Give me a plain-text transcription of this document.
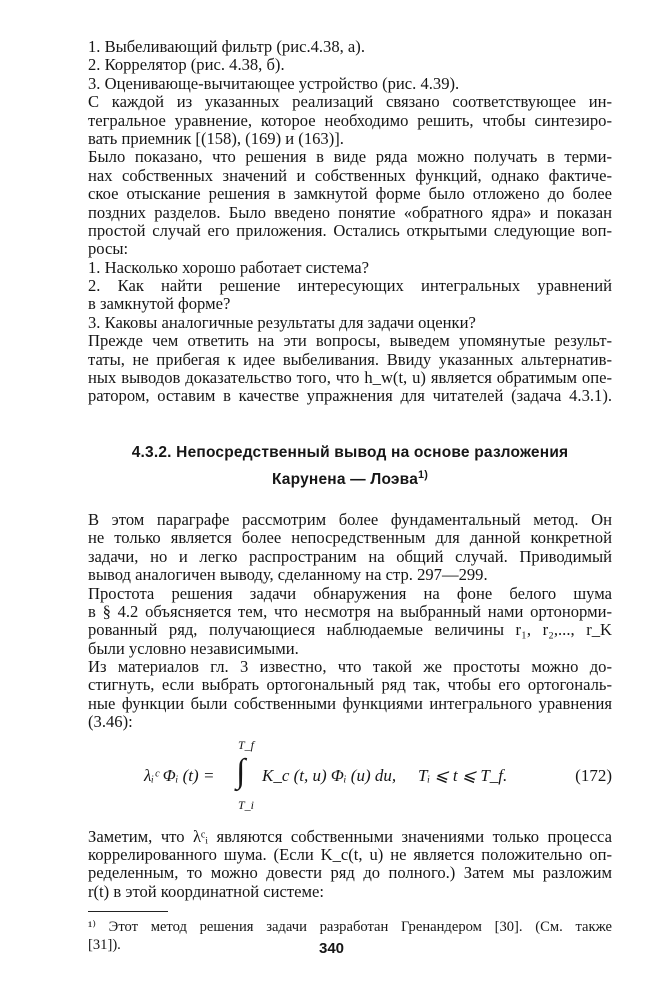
1. Выбеливающий фильтр (рис.4.38, а).
2. Коррелятор (рис. 4.38, б).
3. Оценивающе-вычитающее устройство (рис. 4.39).
С каждой из указанных реализаций связано соответствующее ин-
тегральное уравнение, которое необходимо решить, чтобы синтезиро-
вать приемник [(158), (169) и (163)].
Было показано, что решения в виде ряда можно получать в терми-
нах собственных значений и собственных функций, однако фактиче-
ское отыскание решения в замкнутой форме было отложено до более
поздних разделов. Было введено понятие «обратного ядра» и показан
простой случай его приложения. Остались открытыми следующие воп-
росы:
1. Насколько хорошо работает система?
2. Как найти решение интересующих интегральных уравнений
в замкнутой форме?
3. Каковы аналогичные результаты для задачи оценки?
Прежде чем ответить на эти вопросы, выведем упомянутые результ-
таты, не прибегая к идее выбеливания. Ввиду указанных альтернатив-
ных выводов доказательство того, что h_w(t, u) является обратимым опе-
ратором, оставим в качестве упражнения для читателей (задача 4.3.1).
4.3.2. Непосредственный вывод на основе разложения
Карунена — Лоэва$^{1)}$
В этом параграфе рассмотрим более фундаментальный метод. Он
не только является более непосредственным для данной конкретной
задачи, но и легко распространим на общий случай. Приводимый
вывод аналогичен выводу, сделанному на стр. 297—299.
Простота решения задачи обнаружения на фоне белого шума
в § 4.2 объясняется тем, что несмотря на выбранный нами ортонорми-
рованный ряд, получающиеся наблюдаемые величины r₁, r₂,..., r_K
были условно независимыми.
Из материалов гл. 3 известно, что такой же простоты можно до-
стигнуть, если выбрать ортогональный ряд так, чтобы его ортогональ-
ные функции были собственными функциями интегрального уравнения
(3.46):
λᵢᶜ Φᵢ (t) =
T_f
∫
T_i
K_c (t, u) Φᵢ (u) du, Tᵢ ⩽ t ⩽ T_f.	(172)
Заметим, что λᶜᵢ являются собственными значениями только процесса
коррелированного шума. (Если K_c(t, u) не является положительно оп-
ределенным, то можно довести ряд до полного.) Затем мы разложим
r(t) в этой координатной системе:
¹⁾ Этот метод решения задачи разработан Гренандером [30]. (См. также
[31]).	340
